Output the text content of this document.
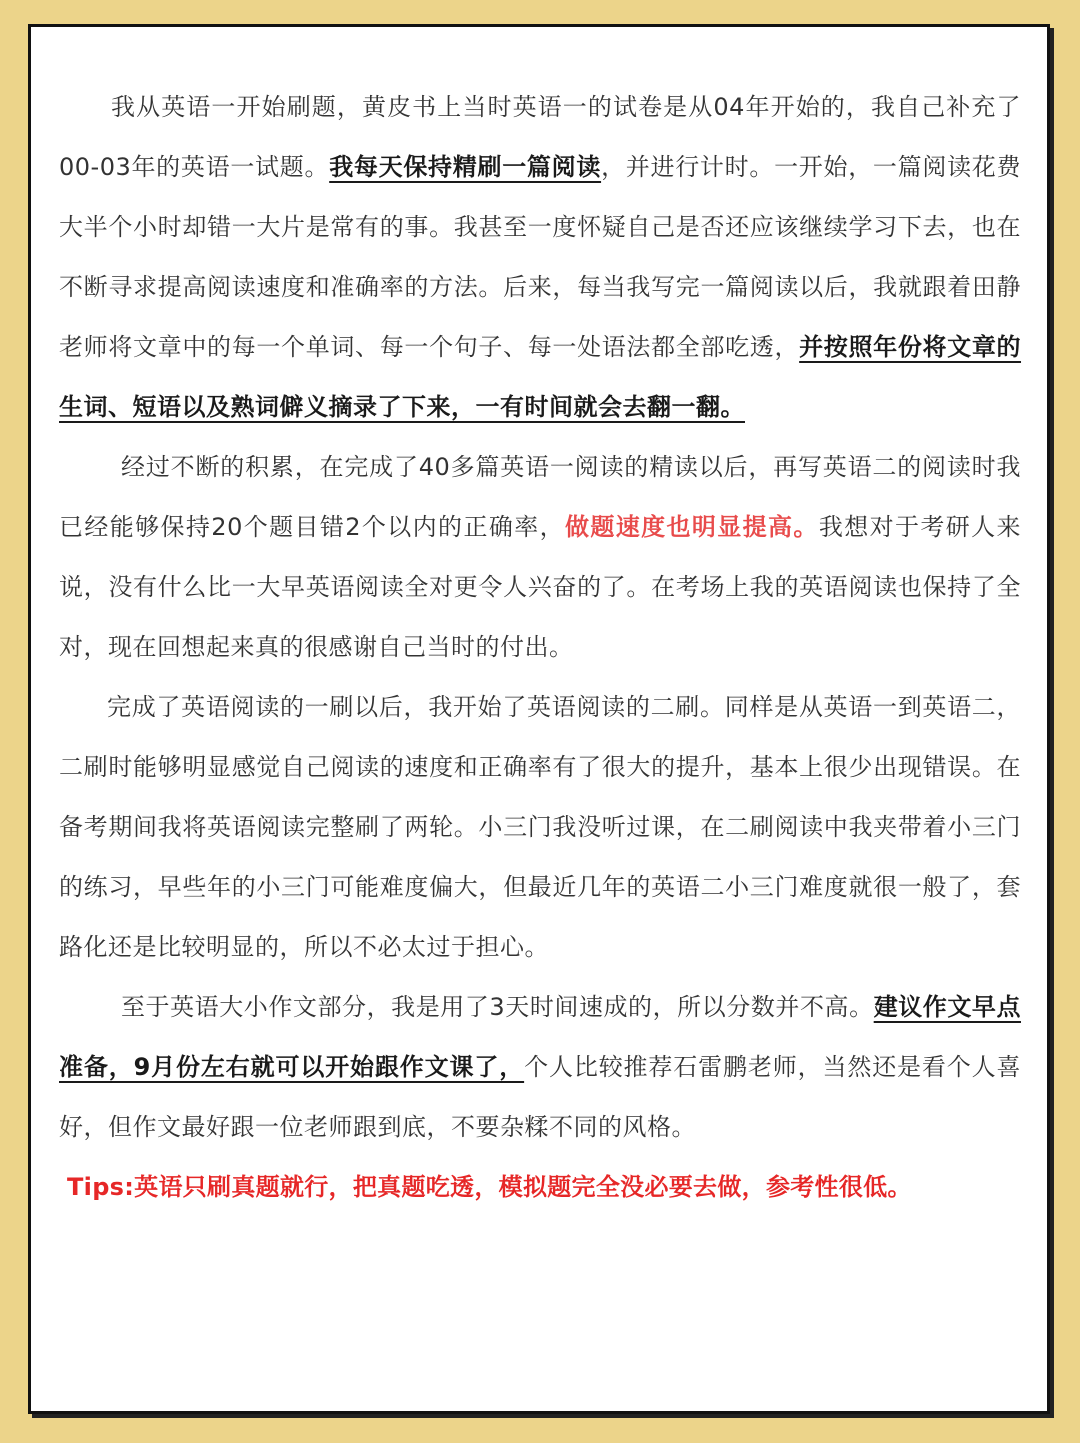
我从英语一开始刷题，黄皮书上当时英语一的试卷是从04年开始的，我自己补充了00-03年的英语一试题。我每天保持精刷一篇阅读，并进行计时。一开始，一篇阅读花费大半个小时却错一大片是常有的事。我甚至一度怀疑自己是否还应该继续学习下去，也在不断寻求提高阅读速度和准确率的方法。后来，每当我写完一篇阅读以后，我就跟着田静老师将文章中的每一个单词、每一个句子、每一处语法都全部吃透，并按照年份将文章的生词、短语以及熟词僻义摘录了下来，一有时间就会去翻一翻。

经过不断的积累，在完成了40多篇英语一阅读的精读以后，再写英语二的阅读时我已经能够保持20个题目错2个以内的正确率，做题速度也明显提高。我想对于考研人来说，没有什么比一大早英语阅读全对更令人兴奋的了。在考场上我的英语阅读也保持了全对，现在回想起来真的很感谢自己当时的付出。

完成了英语阅读的一刷以后，我开始了英语阅读的二刷。同样是从英语一到英语二，二刷时能够明显感觉自己阅读的速度和正确率有了很大的提升，基本上很少出现错误。在备考期间我将英语阅读完整刷了两轮。小三门我没听过课，在二刷阅读中我夹带着小三门的练习，早些年的小三门可能难度偏大，但最近几年的英语二小三门难度就很一般了，套路化还是比较明显的，所以不必太过于担心。

至于英语大小作文部分，我是用了3天时间速成的，所以分数并不高。建议作文早点准备，9月份左右就可以开始跟作文课了，个人比较推荐石雷鹏老师，当然还是看个人喜好，但作文最好跟一位老师跟到底，不要杂糅不同的风格。

Tips:英语只刷真题就行，把真题吃透，模拟题完全没必要去做，参考性很低。
